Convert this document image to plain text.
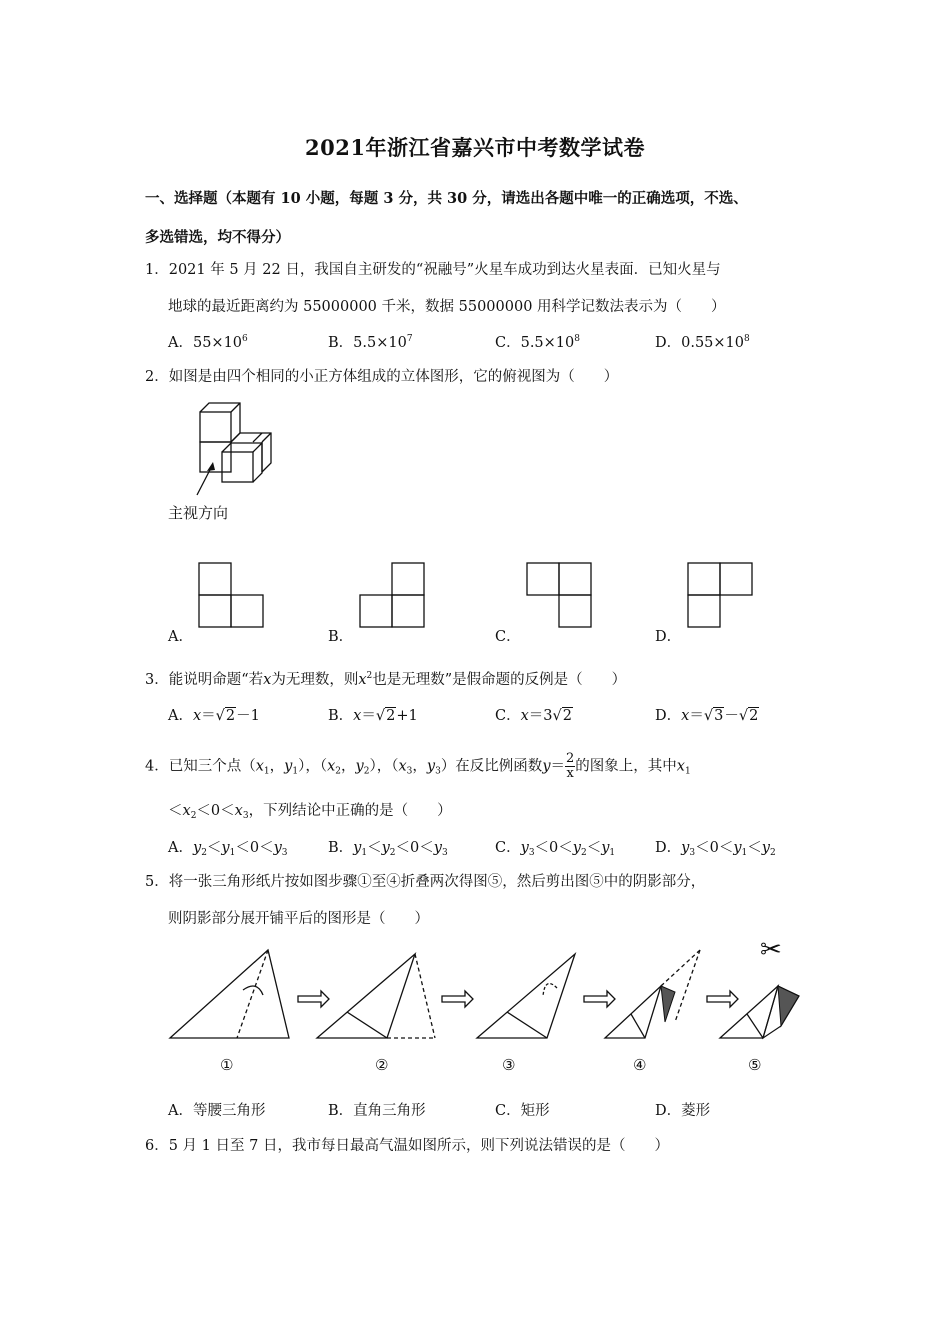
2021年浙江省嘉兴市中考数学试卷
一、选择题（本题有 10 小题，每题 3 分，共 30 分，请选出各题中唯一的正确选项，不选、
多选错选，均不得分）
1．2021 年 5 月 22 日，我国自主研发的“祝融号”火星车成功到达火星表面．已知火星与
地球的最近距离约为 55000000 千米，数据 55000000 用科学记数法表示为（　　）
A．$55\times 10^6$	B．$5.5\times 10^7$	C．$5.5\times 10^8$	D．$0.55\times 10^8$
2．如图是由四个相同的小正方体组成的立体图形，它的俯视图为（　　）
主视方向
A．	B．	C．	D．
3．能说明命题“若x为无理数，则$x^2$也是无理数”是假命题的反例是（　　）
A．x＝√2－1	B．x＝√2+1	C．x＝3√2	D．x＝√3－√2
4．已知三个点（$x_1$，$y_1$），（$x_2$，$y_2$），（$x_3$，$y_3$）在反比例函数$y= \frac{2}{x}$ 的图象上，其中$x_1$
$<x_2<0<x_3$，下列结论中正确的是（　　）
A．$y_2<y_1<0<y_3$	B．$y_1<y_2<0<y_3$	C．$y_3<0<y_2<y_1$	D．$y_3<0<y_1<y_2$
5．将一张三角形纸片按如图步骤①至④折叠两次得图⑤，然后剪出图⑤中的阴影部分，
则阴影部分展开铺平后的图形是（　　）
✂
①	②	③	④	⑤
A．等腰三角形	B．直角三角形	C．矩形	D．菱形
6．5 月 1 日至 7 日，我市每日最高气温如图所示，则下列说法错误的是（　　）
